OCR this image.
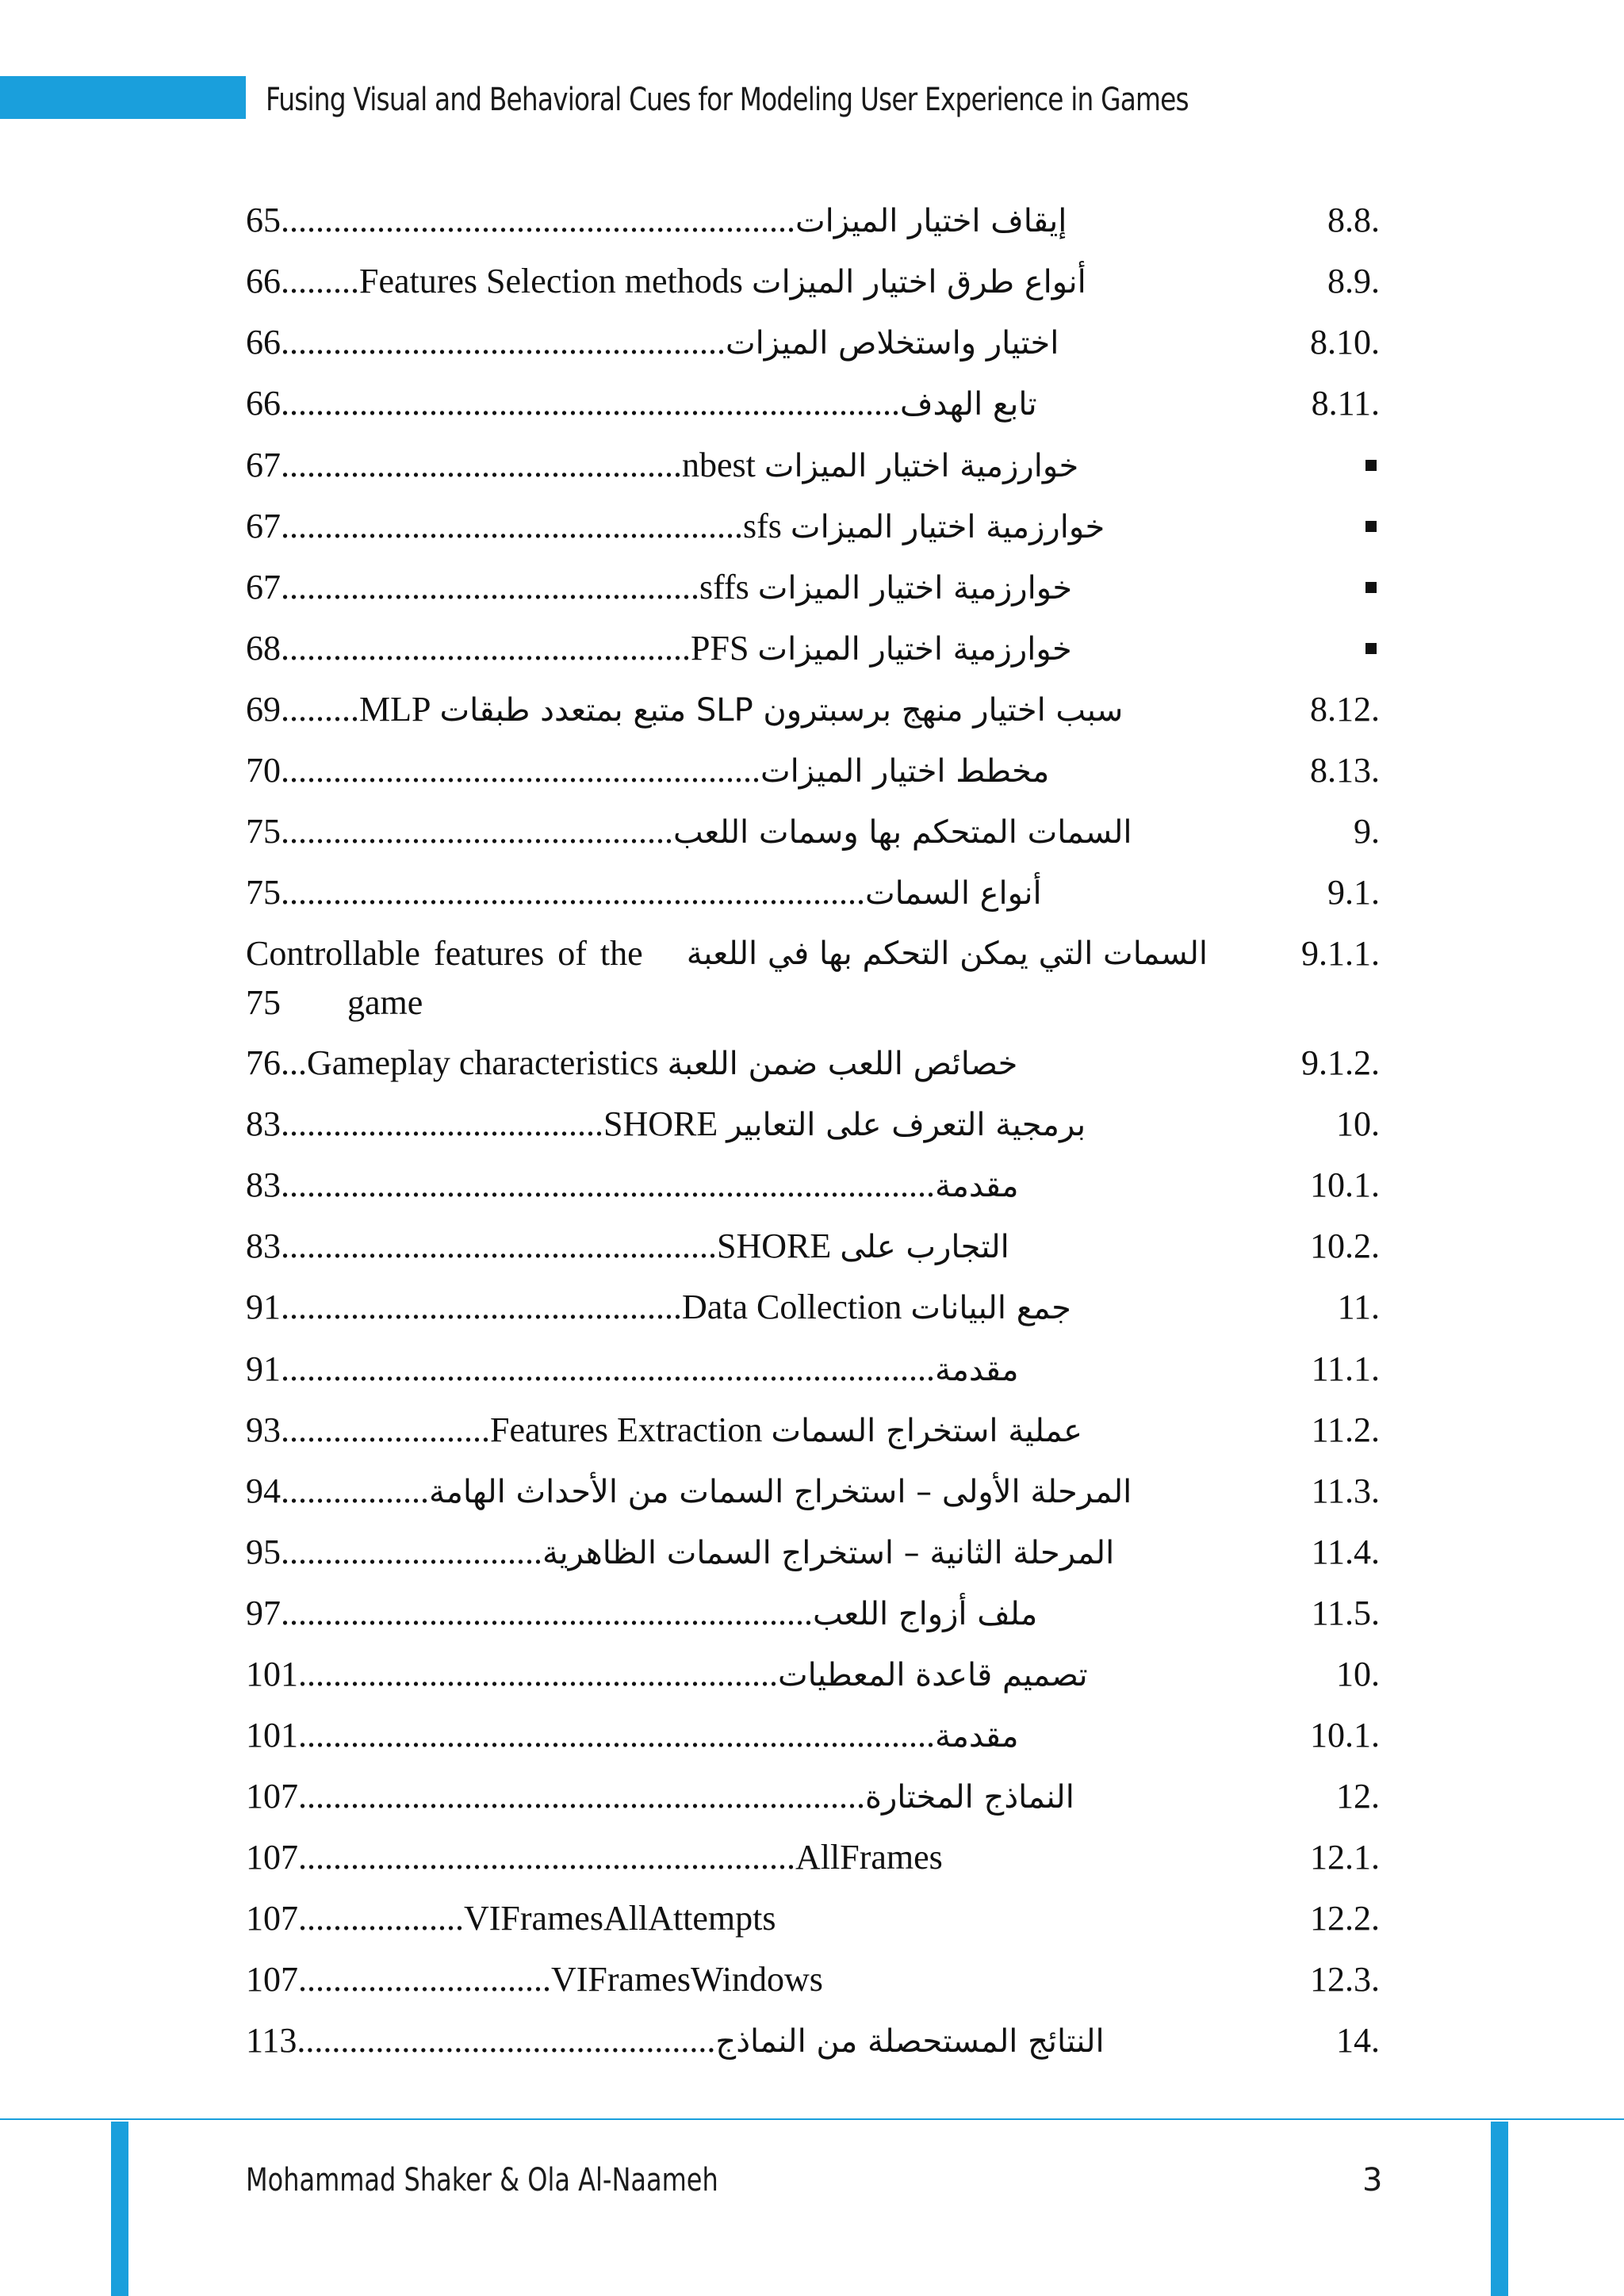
Fusing Visual and Behavioral Cues for Modeling User Experience in Games
8.8.
65...........................................................إيقاف اختيار الميزات
8.9.
66.........Features Selection methods أنواع طرق اختيار الميزات
8.10.
66...................................................اختيار واستخلاص الميزات
8.11.
66.......................................................................تابع الهدف
67..............................................nbest خوارزمية اختيار الميزات
67.....................................................sfs خوارزمية اختيار الميزات
67................................................sffs خوارزمية اختيار الميزات
68...............................................PFS خوارزمية اختيار الميزات
8.12.
69.........MLP سبب اختيار منهج برسبترون SLP متبع بمتعدد طبقات
8.13.
70.......................................................مخطط اختيار الميزات
9.
75.............................................السمات المتحكم بها وسمات اللعب
9.1.
75...................................................................أنواع السمات
9.1.1.
Controllable features of the السمات التي يمكن التحكم بها في اللعبة
75 game
9.1.2.
76...Gameplay characteristics خصائص اللعب ضمن اللعبة
10.
83.....................................SHORE برمجية التعرف على التعابير
10.1.
83...........................................................................مقدمة
10.2.
83..................................................SHORE التجارب على
11.
91..............................................Data Collection جمع البيانات
11.1.
91...........................................................................مقدمة
11.2.
93........................Features Extraction عملية استخراج السمات
11.3.
94.................المرحلة الأولى – استخراج السمات من الأحداث الهامة
11.4.
95..............................المرحلة الثانية – استخراج السمات الظاهرية
11.5.
97.............................................................ملف أزواج اللعب
10.
101.......................................................تصميم قاعدة المعطيات
10.1.
101.........................................................................مقدمة
12.
107.................................................................النماذج المختارة
12.1.
107.........................................................AllFrames
12.2.
107...................VIFramesAllAttempts
12.3.
107.............................VIFramesWindows
14.
113................................................النتائج المستحصلة من النماذج
Mohammad Shaker & Ola Al-Naameh	3
